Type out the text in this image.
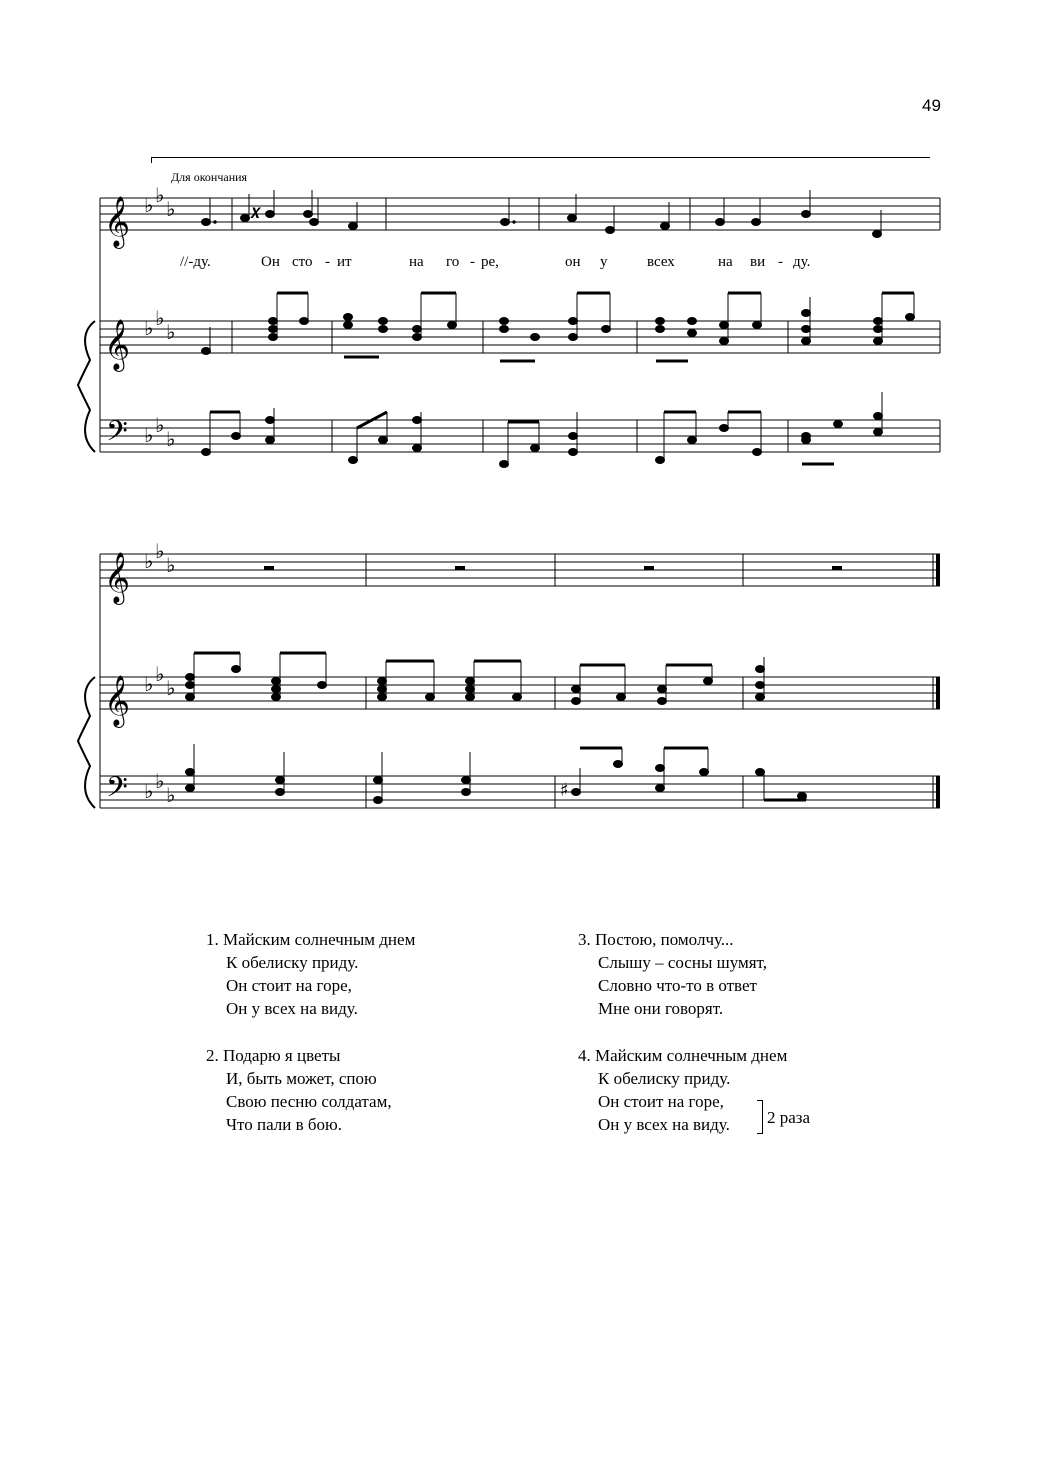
49
Для окончания
𝄞 ♭ ♭
♭	𝑿
//-ду.	Он сто - ит	на го - ре,	он у	всех	на ви - ду.
𝄞 ♭ ♭
♭
𝄢 ♭ ♭
♭
𝄞 ♭ ♭
♭
𝄞 ♭ ♭
♭
𝄢 ♭ ♭
♭	♯
1. Майским солнечным днем
К обелиску приду.
Он стоит на горе,
Он у всех на виду.
2. Подарю я цветы
И, быть может, спою
Свою песню солдатам,
Что пали в бою.
3. Постою, помолчу...
Слышу – сосны шумят,
Словно что-то в ответ
Мне они говорят.
4. Майским солнечным днем
К обелиску приду.
Он стоит на горе,
Он у всех на виду.	2 раза
